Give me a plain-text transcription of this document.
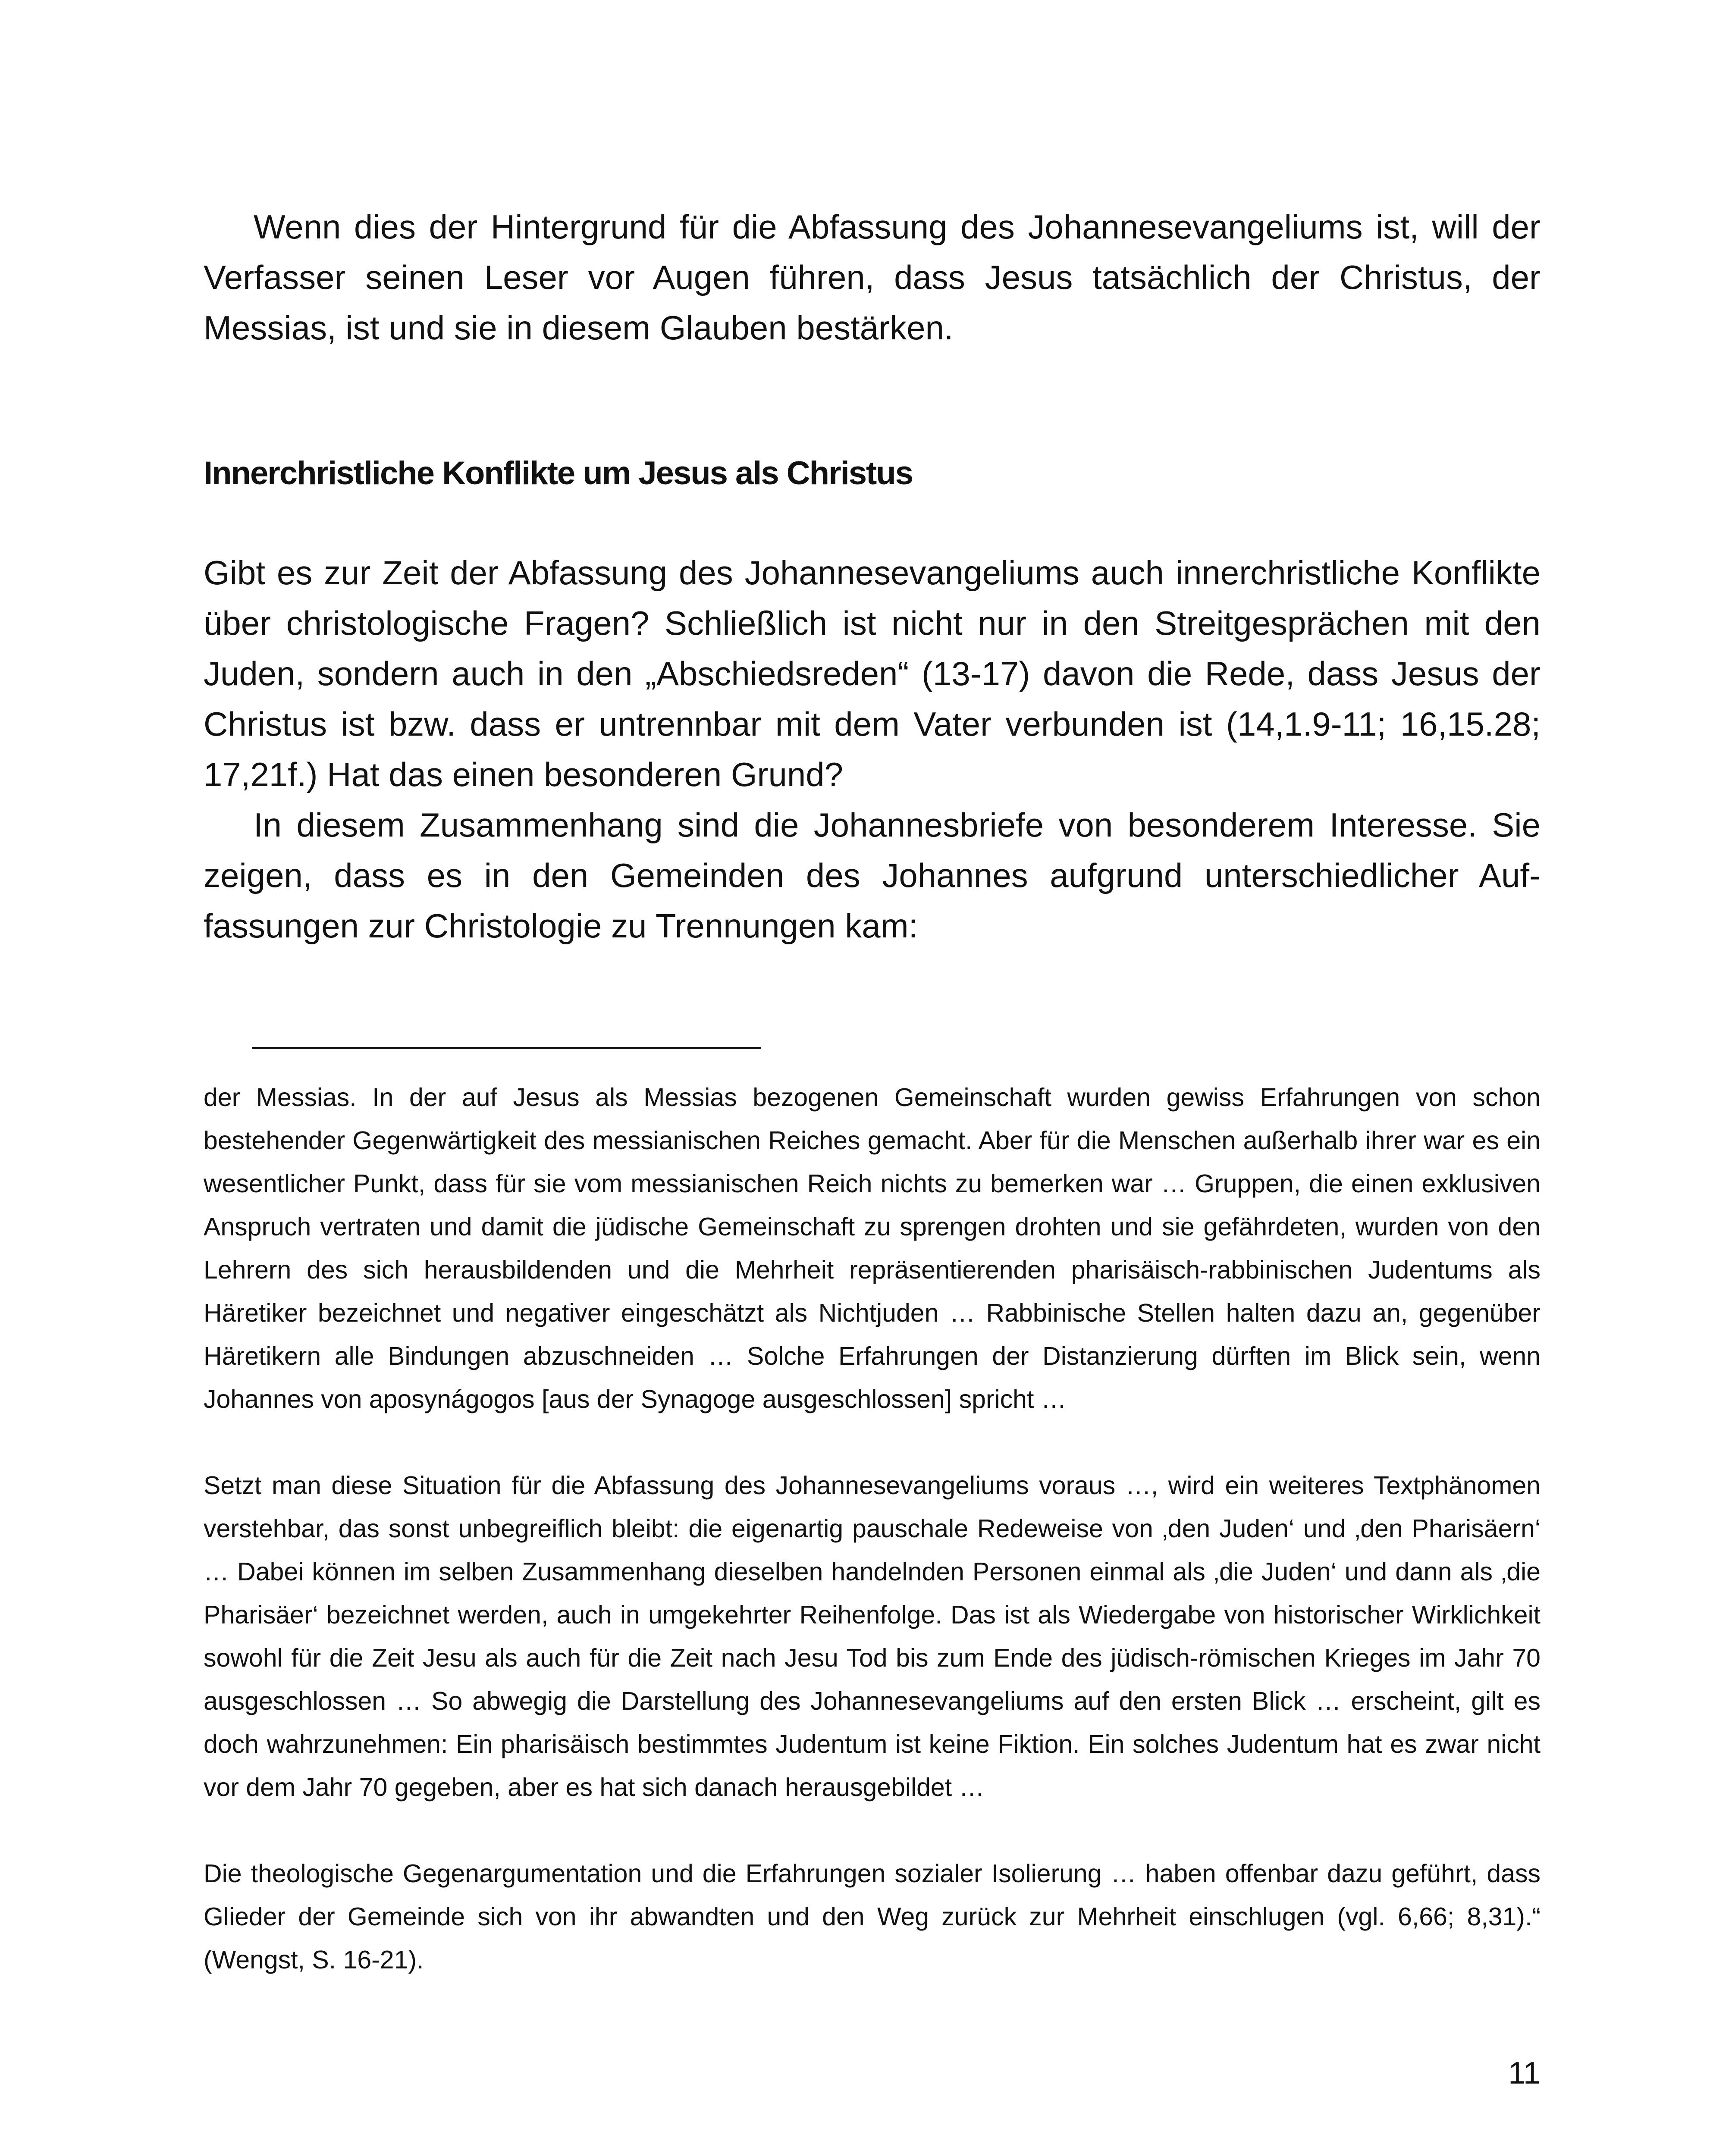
Wenn dies der Hintergrund für die Abfassung des Johannesevangeliums ist, will der Verfasser seinen Leser vor Augen führen, dass Jesus tatsächlich der Christus, der Messias, ist und sie in diesem Glauben bestärken.

Innerchristliche Konflikte um Jesus als Christus

Gibt es zur Zeit der Abfassung des Johannesevangeliums auch innerchristliche Konflikte über christologische Fragen? Schließlich ist nicht nur in den Streitgesprächen mit den Juden, sondern auch in den „Abschiedsreden“ (13-17) davon die Rede, dass Jesus der Christus ist bzw. dass er untrennbar mit dem Vater verbunden ist (14,1.9-11; 16,15.28; 17,21f.) Hat das einen besonderen Grund?

In diesem Zusammenhang sind die Johannesbriefe von besonderem Interesse. Sie zeigen, dass es in den Gemeinden des Johannes aufgrund unterschiedlicher Auffassungen zur Christologie zu Trennungen kam:

der Messias. In der auf Jesus als Messias bezogenen Gemeinschaft wurden gewiss Erfahrungen von schon bestehender Gegenwärtigkeit des messianischen Reiches gemacht. Aber für die Menschen außerhalb ihrer war es ein wesentlicher Punkt, dass für sie vom messianischen Reich nichts zu bemerken war … Gruppen, die einen exklusiven Anspruch vertraten und damit die jüdische Gemeinschaft zu sprengen drohten und sie gefährdeten, wurden von den Lehrern des sich herausbildenden und die Mehrheit repräsentierenden pharisäisch-rabbinischen Judentums als Häretiker bezeichnet und negativer eingeschätzt als Nichtjuden … Rabbinische Stellen halten dazu an, gegenüber Häretikern alle Bindungen abzuschneiden … Solche Erfahrungen der Distanzierung dürften im Blick sein, wenn Johannes von aposynágogos [aus der Synagoge ausgeschlossen] spricht …

Setzt man diese Situation für die Abfassung des Johannesevangeliums voraus …, wird ein weiteres Textphänomen verstehbar, das sonst unbegreiflich bleibt: die eigenartig pauschale Redeweise von ‚den Juden‘ und ‚den Pharisäern‘ … Dabei können im selben Zusammenhang dieselben handelnden Personen einmal als ‚die Juden‘ und dann als ‚die Pharisäer‘ bezeichnet werden, auch in umgekehrter Reihenfolge. Das ist als Wiedergabe von historischer Wirklichkeit sowohl für die Zeit Jesu als auch für die Zeit nach Jesu Tod bis zum Ende des jüdisch-römischen Krieges im Jahr 70 ausgeschlossen … So abwegig die Darstellung des Johannesevangeliums auf den ersten Blick … erscheint, gilt es doch wahrzunehmen: Ein pharisäisch bestimmtes Judentum ist keine Fiktion. Ein solches Judentum hat es zwar nicht vor dem Jahr 70 gegeben, aber es hat sich danach herausgebildet …

Die theologische Gegenargumentation und die Erfahrungen sozialer Isolierung … haben offenbar dazu geführt, dass Glieder der Gemeinde sich von ihr abwandten und den Weg zurück zur Mehrheit einschlugen (vgl. 6,66; 8,31).“ (Wengst, S. 16-21).

11
